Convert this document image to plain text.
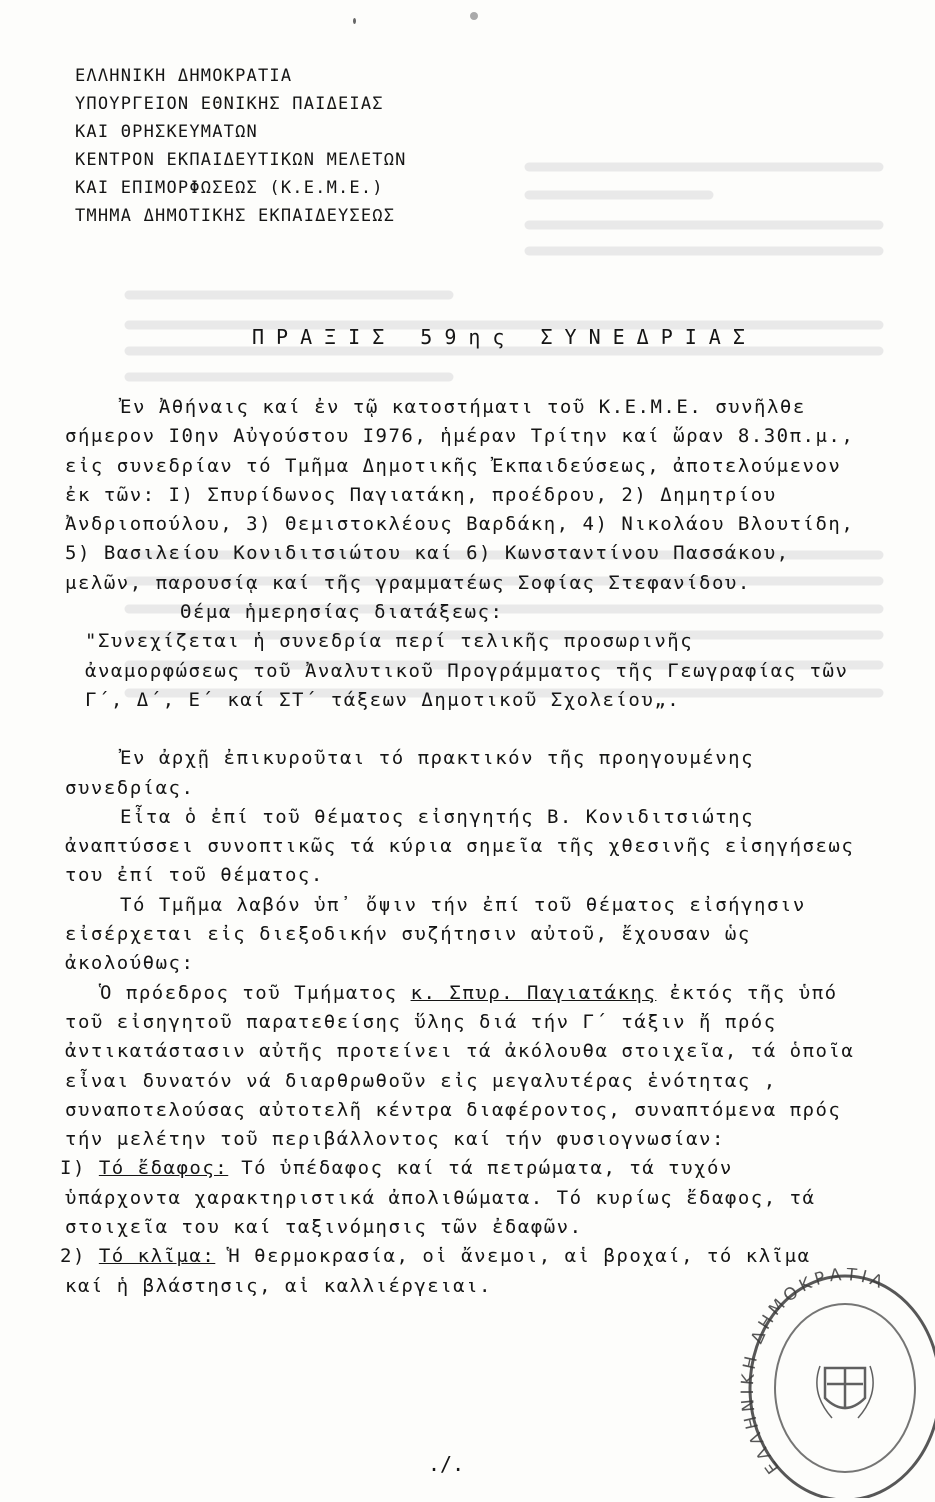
ΕΛΛΗΝΙΚΗ ΔΗΜΟΚΡΑΤΙΑ
ΥΠΟΥΡΓΕΙΟΝ ΕΘΝΙΚΗΣ ΠΑΙΔΕΙΑΣ
ΚΑΙ ΘΡΗΣΚΕΥΜΑΤΩΝ
ΚΕΝΤΡΟΝ ΕΚΠΑΙΔΕΥΤΙΚΩΝ ΜΕΛΕΤΩΝ
ΚΑΙ ΕΠΙΜΟΡΦΩΣΕΩΣ (Κ.Ε.Μ.Ε.)
ΤΜΗΜΑ ΔΗΜΟΤΙΚΗΣ ΕΚΠΑΙΔΕΥΣΕΩΣ
ΠΡΑΞΙΣ 59ης ΣΥΝΕΔΡΙΑΣ

Ἐν Ἀθήναις καί ἐν τῷ κατοστήματι τοῦ Κ.Ε.Μ.Ε. συνῆλθε σήμερον Ι0ην Αὐγούστου Ι976, ἡμέραν Τρίτην καί ὥραν 8.30π.μ., εἰς συνεδρίαν τό Τμῆμα Δημοτικῆς Ἐκπαιδεύσεως, ἀποτελούμενον ἐκ τῶν: Ι) Σπυρίδωνος Παγιατάκη, προέδρου, 2) Δημητρίου Ἀνδριοπούλου, 3) Θεμιστοκλέους Βαρδάκη, 4) Νικολάου Βλουτίδη, 5) Βασιλείου Κονιδιτσιώτου καί 6) Κωνσταντίνου Πασσάκου, μελῶν, παρουσίᾳ καί τῆς γραμματέως Σοφίας Στεφανίδου.

Θέμα ἡμερησίας διατάξεως:

"Συνεχίζεται ἡ συνεδρία περί τελικῆς προσωρινῆς ἀναμορφώσεως τοῦ Ἀναλυτικοῦ Προγράμματος τῆς Γεωγραφίας τῶν Γ΄, Δ΄, Ε΄ καί ΣΤ΄ τάξεων Δημοτικοῦ Σχολείου„.

Ἐν ἀρχῇ ἐπικυροῦται τό πρακτικόν τῆς προηγουμένης συνεδρίας.

Εἶτα ὁ ἐπί τοῦ θέματος εἰσηγητής Β. Κονιδιτσιώτης ἀναπτύσσει συνοπτικῶς τά κύρια σημεῖα τῆς χθεσινῆς εἰσηγήσεως του ἐπί τοῦ θέματος.

Τό Τμῆμα λαβόν ὑπ᾽ ὄψιν τήν ἐπί τοῦ θέματος εἰσήγησιν εἰσέρχεται εἰς διεξοδικήν συζήτησιν αὐτοῦ, ἔχουσαν ὡς ἀκολούθως:

Ὁ πρόεδρος τοῦ Τμήματος κ. Σπυρ. Παγιατάκης ἐκτός τῆς ὑπό τοῦ εἰσηγητοῦ παρατεθείσης ὕλης διά τήν Γ΄ τάξιν ἤ πρός ἀντικατάστασιν αὐτῆς προτείνει τά ἀκόλουθα στοιχεῖα, τά ὁποῖα εἶναι δυνατόν νά διαρθρωθοῦν εἰς μεγαλυτέρας ἑνότητας , συναποτελούσας αὐτοτελῆ κέντρα διαφέροντος, συναπτόμενα πρός τήν μελέτην τοῦ περιβάλλοντος καί τήν φυσιογνωσίαν:

Ι) Τό ἔδαφος: Τό ὑπέδαφος καί τά πετρώματα, τά τυχόν ὑπάρχοντα χαρακτηριστικά ἀπολιθώματα. Τό κυρίως ἔδαφος, τά στοιχεῖα του καί ταξινόμησις τῶν ἐδαφῶν.

2) Τό κλῖμα: Ἡ θερμοκρασία, οἱ ἄνεμοι, αἱ βροχαί, τό κλῖμα καί ἡ βλάστησις, αἱ καλλιέργειαι.

./.	ΕΛΛΗΝ ΚΗ ΔΗΜΟΚΡΑΤΙΑ
